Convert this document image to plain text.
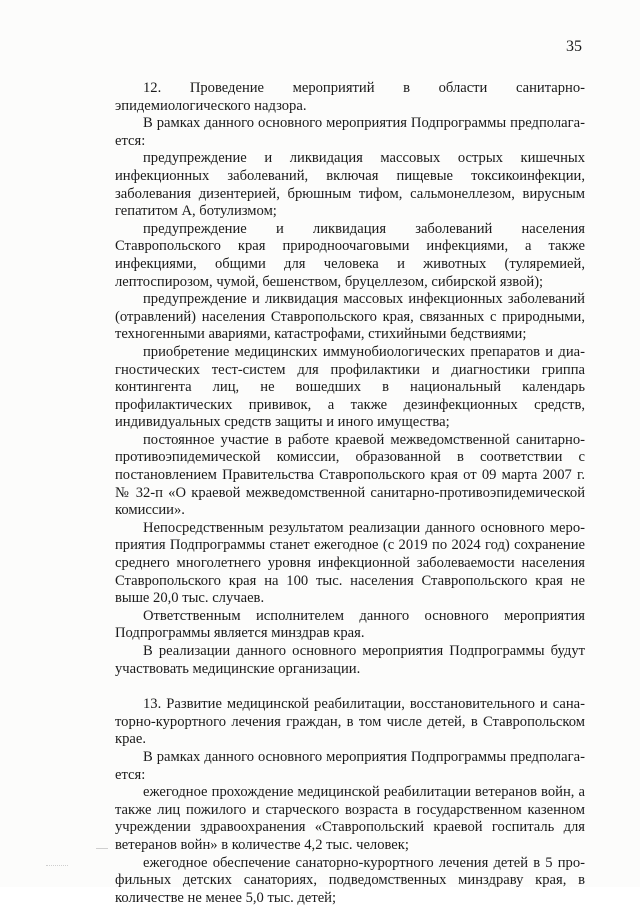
35

12. Проведение мероприятий в области санитарно-эпидемиологического надзора.

В рамках данного основного мероприятия Подпрограммы предполагается:

предупреждение и ликвидация массовых острых кишечных инфекционных заболеваний, включая пищевые токсикоинфекции, заболевания дизентерией, брюшным тифом, сальмонеллезом, вирусным гепатитом А, ботулизмом;

предупреждение и ликвидация заболеваний населения Ставропольского края природноочаговыми инфекциями, а также инфекциями, общими для человека и животных (туляремией, лептоспирозом, чумой, бешенством, бруцеллезом, сибирской язвой);

предупреждение и ликвидация массовых инфекционных заболеваний (отравлений) населения Ставропольского края, связанных с природными, техногенными авариями, катастрофами, стихийными бедствиями;

приобретение медицинских иммунобиологических препаратов и диагностических тест-систем для профилактики и диагностики гриппа контингента лиц, не вошедших в национальный календарь профилактических прививок, а также дезинфекционных средств, индивидуальных средств защиты и иного имущества;

постоянное участие в работе краевой межведомственной санитарно-противоэпидемической комиссии, образованной в соответствии с постановлением Правительства Ставропольского края от 09 марта 2007 г. № 32-п «О краевой межведомственной санитарно-противоэпидемической комиссии».

Непосредственным результатом реализации данного основного мероприятия Подпрограммы станет ежегодное (с 2019 по 2024 год) сохранение среднего многолетнего уровня инфекционной заболеваемости населения Ставропольского края на 100 тыс. населения Ставропольского края не выше 20,0 тыс. случаев.

Ответственным исполнителем данного основного мероприятия Подпрограммы является минздрав края.

В реализации данного основного мероприятия Подпрограммы будут участвовать медицинские организации.

13. Развитие медицинской реабилитации, восстановительного и санаторно-курортного лечения граждан, в том числе детей, в Ставропольском крае.

В рамках данного основного мероприятия Подпрограммы предполагается:

ежегодное прохождение медицинской реабилитации ветеранов войн, а также лиц пожилого и старческого возраста в государственном казенном учреждении здравоохранения «Ставропольский краевой госпиталь для ветеранов войн» в количестве 4,2 тыс. человек;

ежегодное обеспечение санаторно-курортного лечения детей в 5 профильных детских санаториях, подведомственных минздраву края, в количестве не менее 5,0 тыс. детей;
